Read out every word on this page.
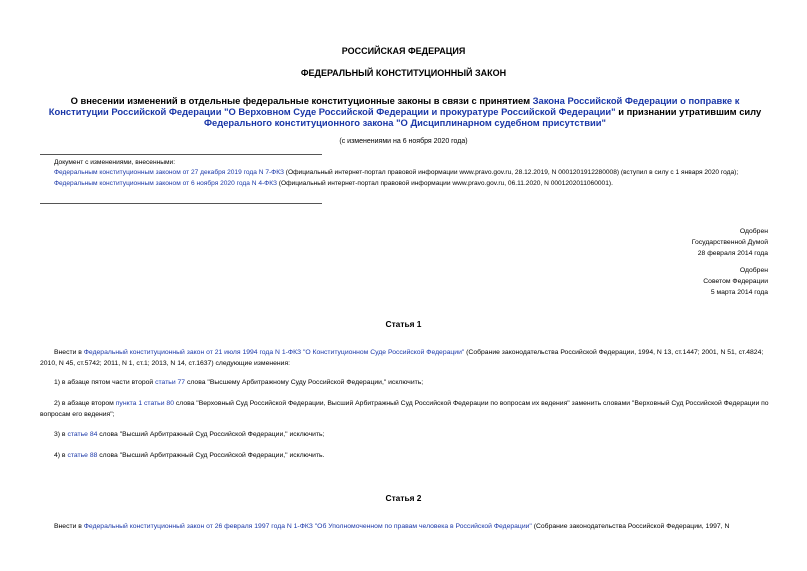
РОССИЙСКАЯ ФЕДЕРАЦИЯ
ФЕДЕРАЛЬНЫЙ КОНСТИТУЦИОННЫЙ ЗАКОН
О внесении изменений в отдельные федеральные конституционные законы в связи с принятием Закона Российской Федерации о поправке к Конституции Российской Федерации "О Верховном Суде Российской Федерации и прокуратуре Российской Федерации" и признании утратившим силу Федерального конституционного закона "О Дисциплинарном судебном присутствии"
(с изменениями на 6 ноября 2020 года)

Документ с изменениями, внесенными:

Федеральным конституционным законом от 27 декабря 2019 года N 7-ФКЗ (Официальный интернет-портал правовой информации www.pravo.gov.ru, 28.12.2019, N 0001201912280008) (вступил в силу с 1 января 2020 года);

Федеральным конституционным законом от 6 ноября 2020 года N 4-ФКЗ (Официальный интернет-портал правовой информации www.pravo.gov.ru, 06.11.2020, N 0001202011060001).

Одобрен
Государственной Думой
28 февраля 2014 года
Одобрен
Советом Федерации
5 марта 2014 года
Статья 1
Внести в Федеральный конституционный закон от 21 июля 1994 года N 1-ФКЗ "О Конституционном Суде Российской Федерации" (Собрание законодательства Российской Федерации, 1994, N 13, ст.1447; 2001, N 51, ст.4824; 2010, N 45, ст.5742; 2011, N 1, ст.1; 2013, N 14, ст.1637) следующие изменения:
1) в абзаце пятом части второй статьи 77 слова "Высшему Арбитражному Суду Российской Федерации," исключить;
2) в абзаце втором пункта 1 статьи 80 слова "Верховный Суд Российской Федерации, Высший Арбитражный Суд Российской Федерации по вопросам их ведения" заменить словами "Верховный Суд Российской Федерации по вопросам его ведения";
3) в статье 84 слова "Высший Арбитражный Суд Российской Федерации," исключить;
4) в статье 88 слова "Высший Арбитражный Суд Российской Федерации," исключить.
Статья 2
Внести в Федеральный конституционный закон от 26 февраля 1997 года N 1-ФКЗ "Об Уполномоченном по правам человека в Российской Федерации" (Собрание законодательства Российской Федерации, 1997, N
